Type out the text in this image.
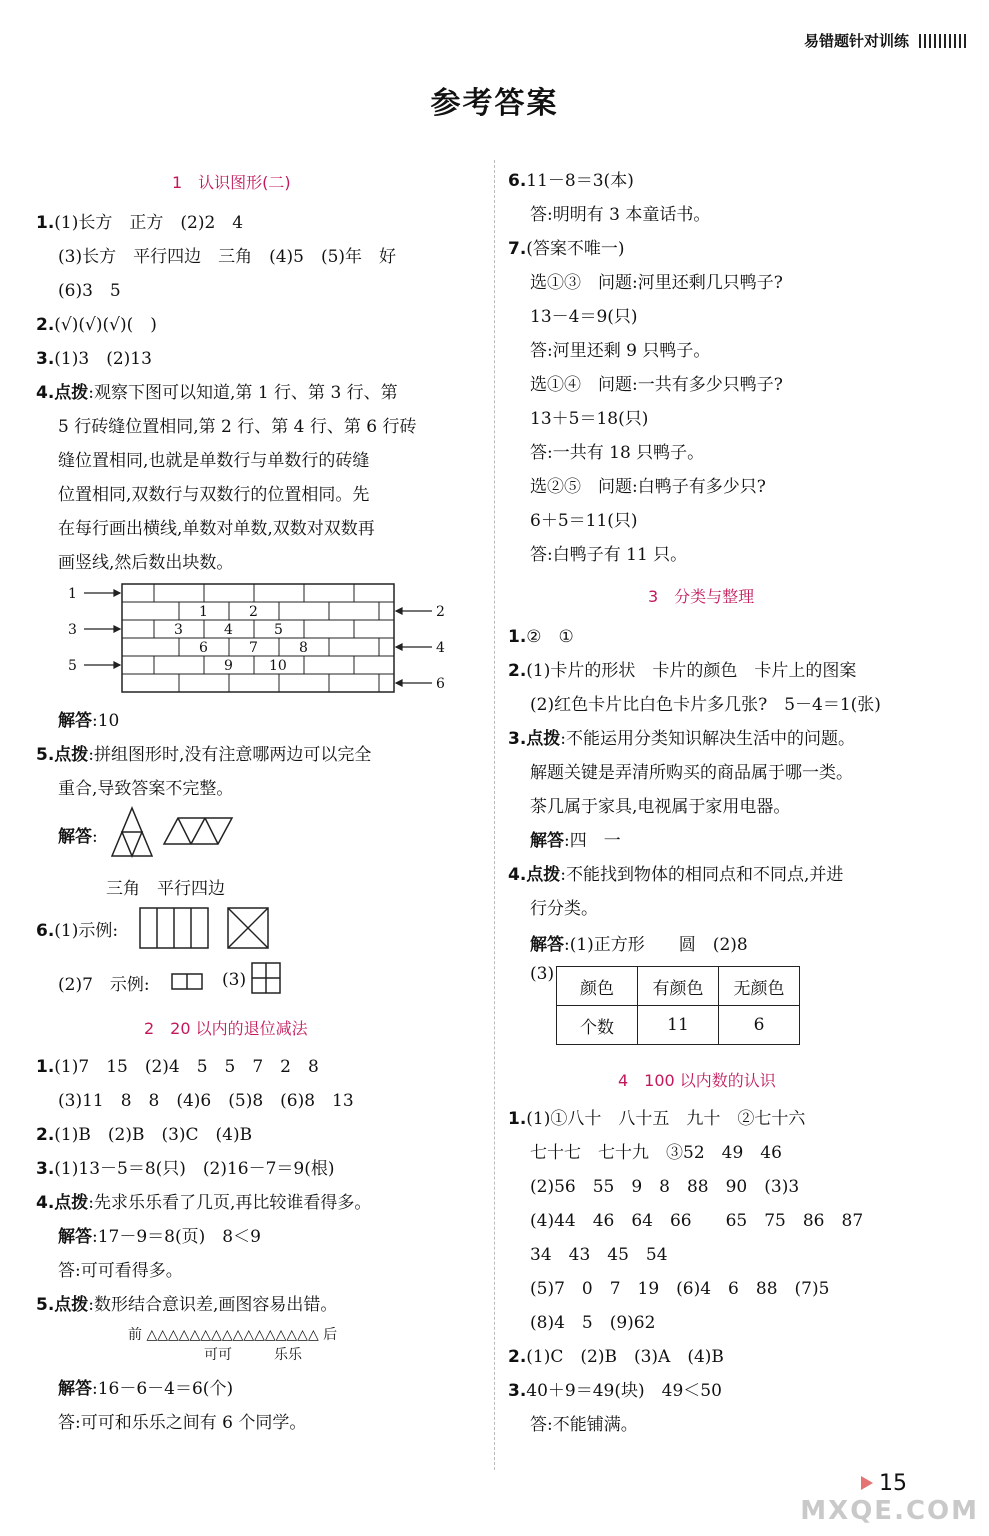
易错题针对训练
参考答案
1　认识图形(二)
1.(1)长方　正方　(2)2　4
(3)长方　平行四边　三角　(4)5　(5)年　好
(6)3　5
2.(√)(√)(√)(　)
3.(1)3　(2)13
4.点拨:观察下图可以知道,第 1 行、第 3 行、第
5 行砖缝位置相同,第 2 行、第 4 行、第 6 行砖
缝位置相同,也就是单数行与单数行的砖缝
位置相同,双数行与双数行的位置相同。先
在每行画出横线,单数对单数,双数对双数再
画竖线,然后数出块数。
1
3
5
2
4
6
1	2
3	4	5
6	7	8
9	10
解答:10
5.点拨:拼组图形时,没有注意哪两边可以完全
重合,导致答案不完整。
解答:
三角　平行四边
6.(1)示例:
(2)7　示例:	(3)
2　20 以内的退位减法
1.(1)7　15　(2)4　5　5　7　2　8
(3)11　8　8　(4)6　(5)8　(6)8　13
2.(1)B　(2)B　(3)C　(4)B
3.(1)13－5＝8(只)　(2)16－7＝9(根)
4.点拨:先求乐乐看了几页,再比较谁看得多。
解答:17－9＝8(页)　8＜9
答:可可看得多。
5.点拨:数形结合意识差,画图容易出错。
前 △△△△△△△△△△△△△△△△ 后
可可　　　乐乐
解答:16－6－4＝6(个)
答:可可和乐乐之间有 6 个同学。
6.11－8＝3(本)
答:明明有 3 本童话书。
7.(答案不唯一)
选①③　问题:河里还剩几只鸭子?
13－4＝9(只)
答:河里还剩 9 只鸭子。
选①④　问题:一共有多少只鸭子?
13＋5＝18(只)
答:一共有 18 只鸭子。
选②⑤　问题:白鸭子有多少只?
6＋5＝11(只)
答:白鸭子有 11 只。
3　分类与整理
1.②　①
2.(1)卡片的形状　卡片的颜色　卡片上的图案
(2)红色卡片比白色卡片多几张?　5－4＝1(张)
3.点拨:不能运用分类知识解决生活中的问题。
解题关键是弄清所购买的商品属于哪一类。
茶几属于家具,电视属于家用电器。
解答:四　一
4.点拨:不能找到物体的相同点和不同点,并进
行分类。
解答:(1)正方形　　圆　(2)8
(3)
颜色	有颜色	无颜色
个数	11	6
4　100 以内数的认识
1.(1)①八十　八十五　九十　②七十六
七十七　七十九　③52　49　46
(2)56　55　9　8　88　90　(3)3
(4)44　46　64　66　　65　75　86　87
34　43　45　54
(5)7　0　7　19　(6)4　6　88　(7)5
(8)4　5　(9)62
2.(1)C　(2)B　(3)A　(4)B
3.40＋9＝49(块)　49＜50
答:不能铺满。
15
MXQE.COM
